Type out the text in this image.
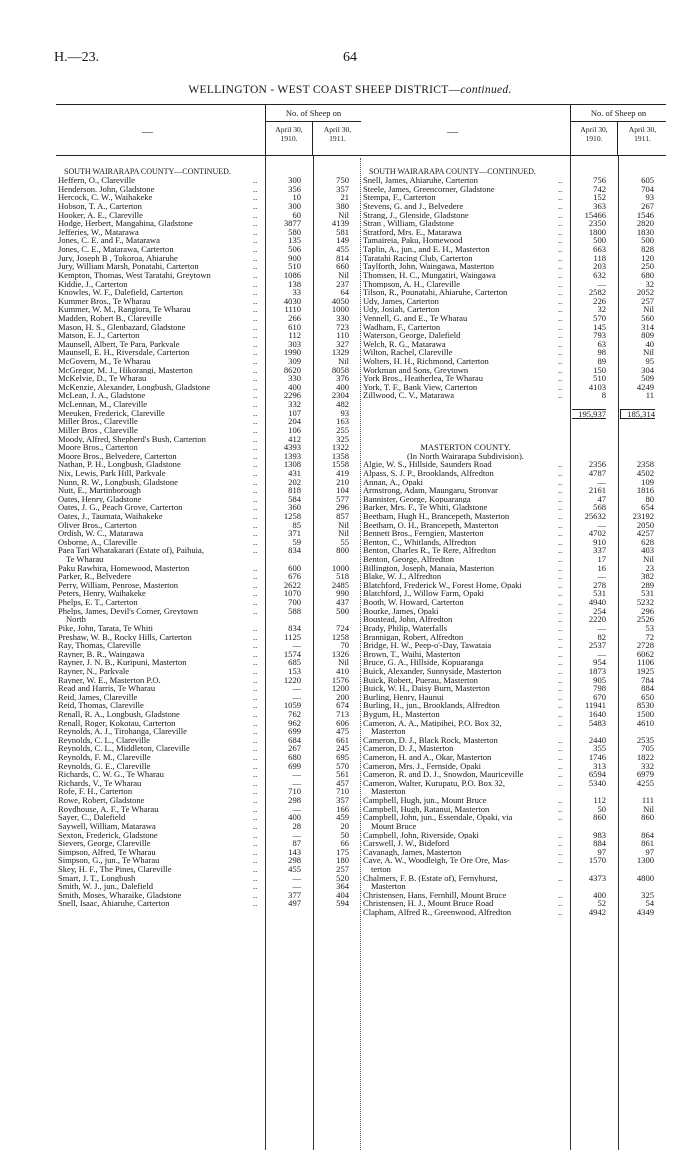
H.—23.	64
WELLINGTON - WEST COAST SHEEP DISTRICT—continued.
—
No. of Sheep on
April 30,
1910.
April 30,
1911.
SOUTH WAIRARAPA COUNTY—CONTINUED.
Heffern, O., Clareville	..	300	750
Henderson. John, Gladstone	..	356	357
Hercock, C. W., Waihakeke	..	10	21
Hobson, T. A., Carterton	..	300	380
Hooker, A. E., Clareville	..	60	Nil
Hodge, Herbert, Mangahina, Gladstone	..	3877	4139
Jefferies, W., Matarawa	..	580	581
Jones, C. E. and F., Matarawa	..	135	149
Jones, C. E., Matarawa, Carterton	..	506	455
Jury, Joseph B , Tokoroa, Ahiaruhe	..	900	814
Jury, William Marsh, Ponatahi, Carterton	..	510	660
Kempton, Thomas, West Taratahi, Greytown	..	1086	Nil
Kiddie, J., Carterton	..	138	237
Knowles, W. F., Dalefield, Carterton	..	33	64
Kummer Bros., Te Wharau	..	4030	4050
Kummer, W. M., Rangiora, Te Wharau	..	1110	1000
Madden, Robert B., Clareville	..	266	330
Mason, H. S., Glenbazard, Gladstone	..	610	723
Matson, E. J., Carterton	..	112	110
Maunsell, Albert, Te Para, Parkvale	..	303	327
Maunsell, E. H., Riversdale, Carterton	..	1990	1329
McGovern, M., Te Wharau	..	309	Nil
McGregor, M. J., Hikorangi, Masterton	..	8620	8058
McKelvie, D., Te Wharau	..	330	376
McKenzie, Alexander, Longbush, Gladstone	..	400	400
McLean, J. A., Gladstone	..	2296	2304
McLennan, M., Clareville	..	332	482
Meeuken, Frederick, Clareville	..	107	93
Miller Bros., Clareville	..	204	163
Miller Bros , Clareville	..	106	255
Moody, Alfred, Shepherd's Bush, Carterton	..	412	325
Moore Bros., Carterton	..	4393	1322
Moore Bros., Belvedere, Carterton	..	1393	1358
Nathan, P. H., Longbush, Gladstone	..	1308	1558
Nix, Lewis, Park Hill, Parkvale	..	431	419
Nunn, R. W., Longbush, Gladstone	..	202	210
Nutt, E., Martinborough	..	818	104
Oates, Henry, Gladstone	..	584	577
Oates, J. G., Peach Grove, Carterton	..	360	296
Oates, J., Taumata, Waihakeke	..	1258	857
Oliver Bros., Carterton	..	85	Nil
Ordish, W. C., Matarawa	..	371	Nil
Osborne, A., Clareville	..	59	55
Paea Tari Whatakarari (Estate of), Paihuia,	..	834	800
Te Wharau
Paku Rawhira, Homewood, Masterton	..	600	1000
Parker, R., Belvedere	..	676	518
Perry, William, Penrose, Masterton	..	2622	2485
Peters, Henry, Waihakeke	..	1070	990
Phelps, E. T., Carterton	..	700	437
Phelps, James, Devil's Corner, Greytown	..	588	500
North
Pike, John, Tarata, Te Whiti	..	834	724
Preshaw, W. B., Rocky Hills, Carterton	..	1125	1258
Ray, Thomas, Clareville	..	—	70
Rayner, B. R., Waingawa	..	1574	1326
Rayner, J. N. B., Kuripuni, Masterton	..	685	Nil
Rayner, N., Parkvale	..	153	410
Rayner, W. E., Masterton P.O.	..	1220	1576
Read and Harris, Te Wharau	..	—	1200
Reid, James, Clareville	..	—	200
Reid, Thomas, Clareville	..	1059	674
Renall, R. A., Longbush, Gladstone	..	762	713
Renall, Roger, Kokotau, Carterton	..	962	606
Reynolds, A. J., Tirohanga, Clareville	..	699	475
Reynolds, C. L., Clareville	..	684	661
Reynolds, C. L., Middleton, Clareville	..	267	245
Reynolds, F. M., Clareville	..	680	695
Reynolds, G. E., Clareville	..	699	570
Richards, C. W. G., Te Wharau	..	—	561
Richards, V., Te Wharau	..	—	457
Rofe, F. H., Carterton	..	710	710
Rowe, Robert, Gladstone	..	298	357
Roydhouse, A. F., Te Wharau	..	—	166
Sayer, C., Dalefield	..	400	459
Saywell, William, Matarawa	..	28	20
Sexton, Frederick, Gladstone	..	—	50
Sievers, George, Clareville	..	87	66
Simpson, Alfred, Te Wharau	..	143	175
Simpson, G., jun., Te Wharau	..	298	180
Skey, H. F., The Pines, Clareville	..	455	257
Smart, J. T., Longbush	..	—	520
Smith, W. J., jun., Dalefield	..	—	364
Smith, Moses, Wharaike, Gladstone	..	377	404
Snell, Isaac, Ahiaruhe, Carterton	..	497	594
—
No. of Sheep on
April 30,
1910.
April 30,
1911.
SOUTH WAIRARAPA COUNTY—CONTINUED.
Snell, James, Ahiaruhe, Carterton	..	756	605
Steele, James, Greencorner, Gladstone	..	742	704
Stempa, F., Carterton	..	152	93
Stevens, G. and J., Belvedere	..	363	267
Strang, J., Glenside, Gladstone	..	15466	1546
Stran , William, Gladstone	..	2350	2820
Stratford, Mrs. E., Matarawa	..	1800	1830
Tamaireia, Paku, Homewood	..	500	500
Taplin, A., jun., and E. H., Masterton	..	663	828
Taratahi Racing Club, Carterton	..	118	120
Taylforth, John, Waingawa, Masterton	..	203	250
Thomsen, H. C., Mungatiri, Waingawa	..	632	680
Thompson, A. H., Clareville	..	—	32
Tilson, R., Pounatahi, Ahiaruhe, Carterton	..	2582	2052
Udy, James, Carterton	..	226	257
Udy, Josiah, Carterton	..	32	Nil
Vennell, G. and E., Te Wharau	..	570	560
Wadham, F., Carterton	..	145	314
Waterson, George, Dalefield	..	793	809
Welch, R. G., Matarawa	..	63	40
Wilton, Rachel, Clareville	..	98	Nil
Wolters, H. H., Richmond, Carterton	..	89	95
Workman and Sons, Greytown	..	150	304
York Bros., Heatherlea, Te Wharau	..	510	509
York, T. F., Bank View, Carterton	..	4103	4249
Zillwood, C. V., Matarawa	..	8	11
195,937	185,314
MASTERTON COUNTY.
(In North Wairarapa Subdivision).
Algie, W. S., Hillside, Saunders Road	..	2356	2358
Alpass, S. J. P., Brooklands, Alfredton	..	4787	4502
Annan, A., Opaki	..	—	109
Armstrong, Adam, Maungaru, Stronvar	..	2161	1816
Bannister, George, Kopuaranga	..	47	80
Barker, Mrs. F., Te Whiti, Gladstone	..	568	654
Beetham, Hugh H., Brancepeth, Masterton	..	25632	23192
Beetham, O. H., Brancepeth, Masterton	..	—	2050
Bennett Bros., Ferngien, Masterton	..	4702	4257
Benton, C., Whitlands, Alfredton	..	910	628
Benton, Charles R., Te Rere, Alfredton	..	337	403
Benton, George, Alfredton	..	17	Nil
Billington, Joseph, Manaia, Masterton	..	16	23
Blake, W. J., Alfredton	..	—	382
Blatchford, Frederick W., Forest Home, Opaki	..	278	289
Blatchford, J., Willow Farm, Opaki	..	531	531
Booth, W. Howard, Carterton	..	4940	5232
Bourke, James, Opaki	..	254	296
Boustead, John, Alfredton	..	2220	2526
Brady, Philip, Waterfalls	..	—	53
Brannigan, Robert, Alfredton	..	82	72
Bridge, H. W., Peep-o'-Day, Tawataia	..	2537	2728
Brown, T., Waihi, Masterton	..	—	6062
Bruce, G. A., Hillside, Kopuaranga	..	954	1106
Buick, Alexander, Sunnyside, Masterton	..	1873	1925
Buick, Robert, Puerau, Masterton	..	905	784
Buick, W. H., Daisy Burn, Masterton	..	798	884
Burling, Henry, Haunui	..	670	650
Burling, H., jun., Brooklands, Alfredton	..	11941	8530
Bygum, H., Masterton	..	1640	1500
Cameron, A. A., Matipihei, P.O. Box 32,	..	5483	4610
Masterton
Cameron, D. J., Black Rock, Masterton	..	2440	2535
Cameron, D. J., Masterton	..	355	705
Cameron, H. and A., Okar, Masterton	..	1746	1822
Cameron, Mrs. J., Fernside, Opaki	..	313	332
Cameron, R. and D. J., Snowdon, Mauriceville	..	6594	6979
Cameron, Walter, Kurupatu, P.O. Box 32,	..	5340	4255
Masterton
Campbell, Hugh, jun., Mount Bruce	..	112	111
Campbell, Hugh, Ratanui, Masterton	..	50	Nil
Campbell, John, jun., Essendale, Opaki, via	..	860	860
Mount Bruce
Campbell, John, Riverside, Opaki	..	983	864
Carswell, J. W., Bideford	..	884	861
Cavanagh, James, Masterton	..	97	97
Cave, A. W., Woodleigh, Te Ore Ore, Mas-	..	1570	1300
terton
Chalmers, F. B. (Estate of), Fernyhurst,	..	4373	4800
Masterton
Christensen, Hans, Fernhill, Mount Bruce	..	400	325
Christensen, H. J., Mount Bruce Road	..	52	54
Clapham, Alfred R., Greenwood, Alfredton	..	4942	4349
